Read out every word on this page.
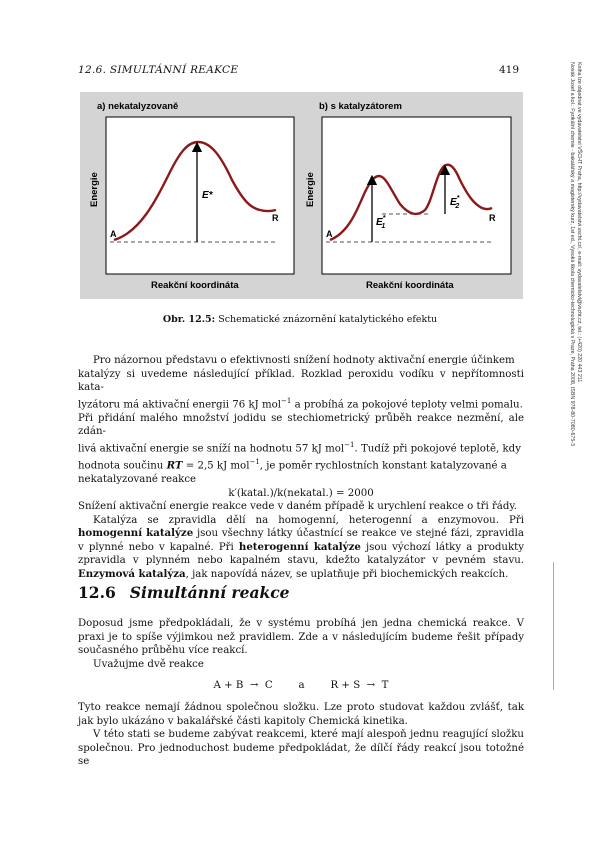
12.6. SIMULTÁNNÍ REAKCE	419
a) nekatalyzovaně
Energie
Reakční koordináta
E*
A
R
b) s katalyzátorem
Energie
Reakční koordináta
E* 1
E* 2
A
R
Obr. 12.5: Schematické znázornění katalytického efektu

Pro názornou představu o efektivnosti snížení hodnoty aktivační energie účinkem

katalýzy si uvedeme následující příklad. Rozklad peroxidu vodíku v nepřítomnosti kata-

lyzátoru má aktivační energii 76 kJ mol$^{-1}$ a probíhá za pokojové teploty velmi pomalu.

Při přidání malého množství jodidu se stechiometrický průběh reakce nezmění, ale zdán-

livá aktivační energie se sníží na hodnotu 57 kJ mol$^{-1}$. Tudíž při pokojové teplotě, kdy

hodnota součinu RT = 2,5 kJ mol$^{-1}$, je poměr rychlostních konstant katalyzované a

nekatalyzované reakce

k′(katal.)/k(nekatal.) = 2000

Snížení aktivační energie reakce vede v daném případě k urychlení reakce o tři řády.

Katalýza se zpravidla dělí na homogenní, heterogenní a enzymovou. Při homogenní katalýze jsou všechny látky účastnící se reakce ve stejné fázi, zpravidla v plynné nebo v kapalné. Při heterogenní katalýze jsou výchozí látky a produkty zpravidla v plynném nebo kapalném stavu, kdežto katalyzátor v pevném stavu. Enzymová katalýza, jak napovídá název, se uplatňuje při biochemických reakcích.

12.6 Simultánní reakce

Doposud jsme předpokládali, že v systému probíhá jen jedna chemická reakce. V praxi je to spíše výjimkou než pravidlem. Zde a v následujícím budeme řešit případy současného průběhu více reakcí.

Uvažujme dvě reakce

A + B  →  C        a        R + S  →  T

Tyto reakce nemají žádnou společnou složku. Lze proto studovat každou zvlášť, tak jak bylo ukázáno v bakalářské části kapitoly Chemická kinetika.

V této stati se budeme zabývat reakcemi, které mají alespoň jednu reagující složku společnou. Pro jednoduchost budeme předpokládat, že dílčí řády reakcí jsou totožné se

Novák Josef a kol.: Fyzikální chemie - bakalářský a magisterský kurz, 1st ed., Vysoká škola chemicko-technologická v Praze, Praha 2008, ISBN 978-80-7080-675-3 Kniha lze objednat ve vydavatelství VŠCHT Praha, http://vydavatelstvi.vscht.cz/, e-mail: vydavatelstvi@vscht.cz, tel.: (+420) 220 443 211
